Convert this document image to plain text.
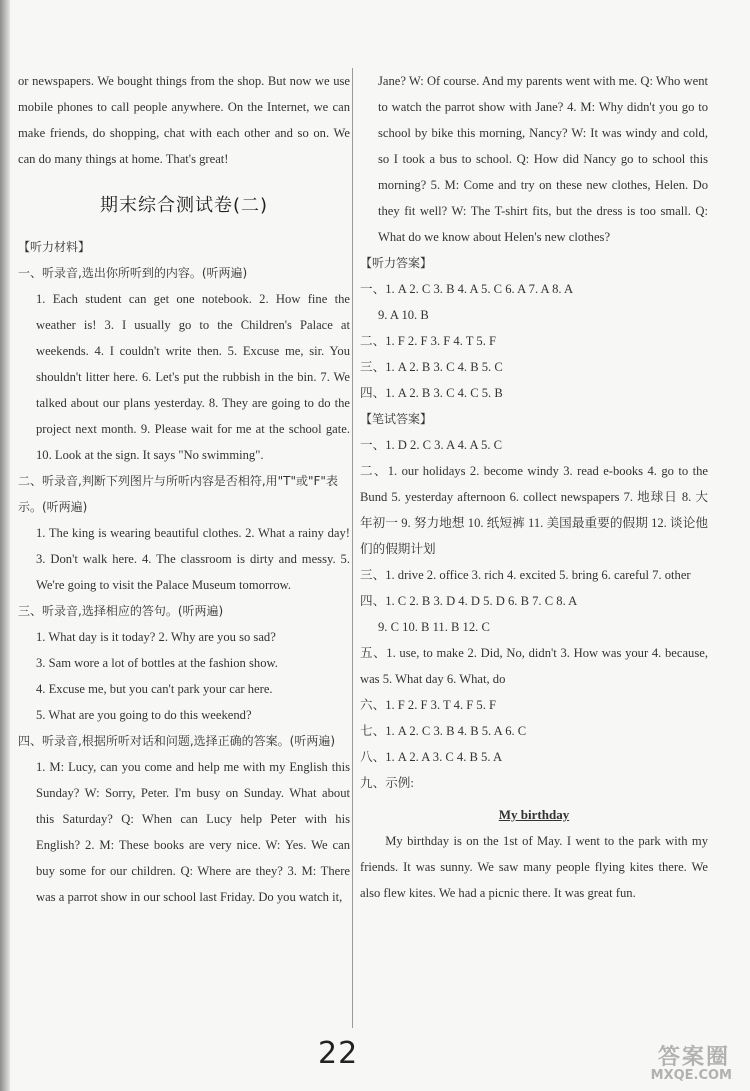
or newspapers. We bought things from the shop. But now we use mobile phones to call people anywhere. On the Internet, we can make friends, do shopping, chat with each other and so on. We can do many things at home. That's great!

期末综合测试卷(二)

【听力材料】

一、听录音,选出你所听到的内容。(听两遍)

1. Each student can get one notebook. 2. How fine the weather is! 3. I usually go to the Children's Palace at weekends. 4. I couldn't write then. 5. Excuse me, sir. You shouldn't litter here. 6. Let's put the rubbish in the bin. 7. We talked about our plans yesterday. 8. They are going to do the project next month. 9. Please wait for me at the school gate. 10. Look at the sign. It says "No swimming".

二、听录音,判断下列图片与所听内容是否相符,用"T"或"F"表示。(听两遍)

1. The king is wearing beautiful clothes. 2. What a rainy day! 3. Don't walk here. 4. The classroom is dirty and messy. 5. We're going to visit the Palace Museum tomorrow.

三、听录音,选择相应的答句。(听两遍)

1. What day is it today? 2. Why are you so sad?

3. Sam wore a lot of bottles at the fashion show.

4. Excuse me, but you can't park your car here.

5. What are you going to do this weekend?

四、听录音,根据所听对话和问题,选择正确的答案。(听两遍)

1. M: Lucy, can you come and help me with my English this Sunday? W: Sorry, Peter. I'm busy on Sunday. What about this Saturday? Q: When can Lucy help Peter with his English? 2. M: These books are very nice. W: Yes. We can buy some for our children. Q: Where are they? 3. M: There was a parrot show in our school last Friday. Do you watch it,

Jane? W: Of course. And my parents went with me. Q: Who went to watch the parrot show with Jane? 4. M: Why didn't you go to school by bike this morning, Nancy? W: It was windy and cold, so I took a bus to school. Q: How did Nancy go to school this morning? 5. M: Come and try on these new clothes, Helen. Do they fit well? W: The T-shirt fits, but the dress is too small. Q: What do we know about Helen's new clothes?

【听力答案】

一、1. A 2. C 3. B 4. A 5. C 6. A 7. A 8. A

9. A 10. B

二、1. F 2. F 3. F 4. T 5. F

三、1. A 2. B 3. C 4. B 5. C

四、1. A 2. B 3. C 4. C 5. B

【笔试答案】

一、1. D 2. C 3. A 4. A 5. C

二、1. our holidays 2. become windy 3. read e-books 4. go to the Bund 5. yesterday afternoon 6. collect newspapers 7. 地球日 8. 大年初一 9. 努力地想 10. 纸短裤 11. 美国最重要的假期 12. 谈论他们的假期计划

三、1. drive 2. office 3. rich 4. excited 5. bring 6. careful 7. other

四、1. C 2. B 3. D 4. D 5. D 6. B 7. C 8. A

9. C 10. B 11. B 12. C

五、1. use, to make 2. Did, No, didn't 3. How was your 4. because, was 5. What day 6. What, do

六、1. F 2. F 3. T 4. F 5. F

七、1. A 2. C 3. B 4. B 5. A 6. C

八、1. A 2. A 3. C 4. B 5. A

九、示例:

My birthday

My birthday is on the 1st of May. I went to the park with my friends. It was sunny. We saw many people flying kites there. We also flew kites. We had a picnic there. It was great fun.

22	答案圈
MXQE.COM
